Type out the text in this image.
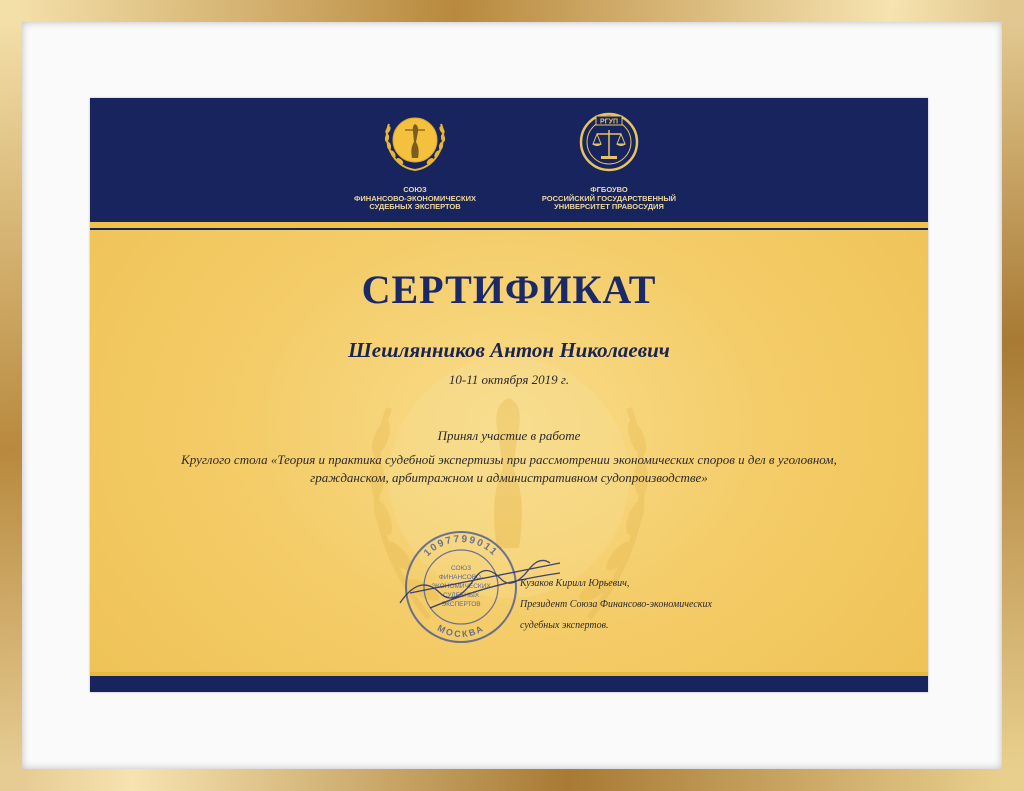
СОЮЗ
ФИНАНСОВО-ЭКОНОМИЧЕСКИХ
СУДЕБНЫХ ЭКСПЕРТОВ
РГУП
ФГБОУВО
РОССИЙСКИЙ ГОСУДАРСТВЕННЫЙ
УНИВЕРСИТЕТ ПРАВОСУДИЯ
СЕРТИФИКАТ
Шешлянников Антон Николаевич
10-11 октября 2019 г.
Принял участие в работе
Круглого стола «Теория и практика судебной экспертизы при рассмотрении экономических споров и дел в уголовном,
гражданском, арбитражном и административном судопроизводстве»
1097799011
МОСКВА
СОЮЗ
ФИНАНСОВО-
ЭКОНОМИЧЕСКИХ
СУДЕБНЫХ
ЭКСПЕРТОВ
Кузаков Кирилл Юрьевич,
Президент Союза Финансово-экономических
судебных экспертов.
